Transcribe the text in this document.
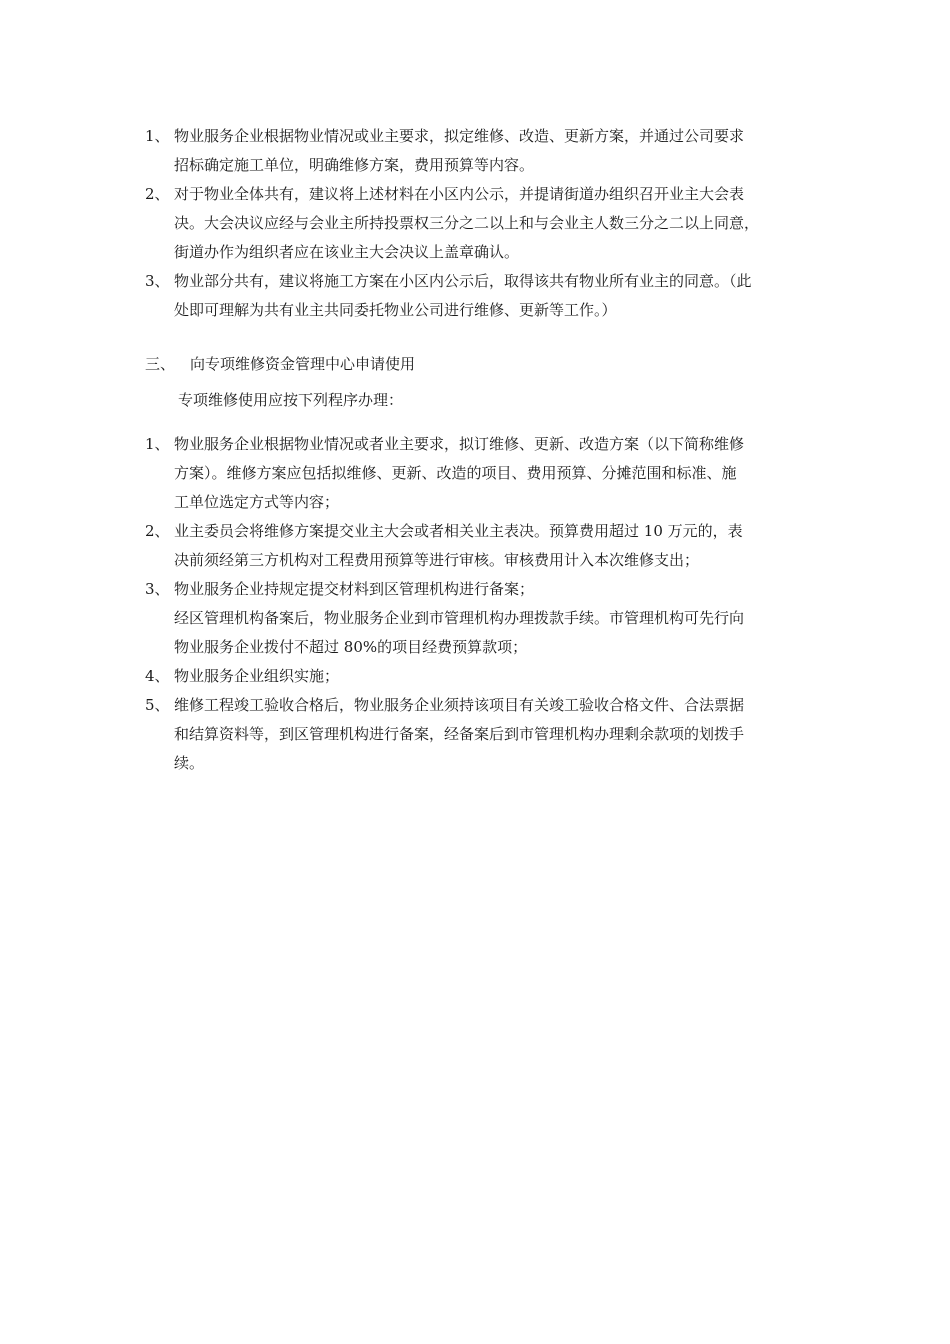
1、 物业服务企业根据物业情况或业主要求，拟定维修、改造、更新方案，并通过公司要求
招标确定施工单位，明确维修方案，费用预算等内容。
2、 对于物业全体共有，建议将上述材料在小区内公示，并提请街道办组织召开业主大会表
决。大会决议应经与会业主所持投票权三分之二以上和与会业主人数三分之二以上同意，
街道办作为组织者应在该业主大会决议上盖章确认。
3、 物业部分共有，建议将施工方案在小区内公示后，取得该共有物业所有业主的同意。（此
处即可理解为共有业主共同委托物业公司进行维修、更新等工作。）
三、 向专项维修资金管理中心申请使用
专项维修使用应按下列程序办理：
1、 物业服务企业根据物业情况或者业主要求，拟订维修、更新、改造方案（以下简称维修
方案）。维修方案应包括拟维修、更新、改造的项目、费用预算、分摊范围和标准、施
工单位选定方式等内容；
2、 业主委员会将维修方案提交业主大会或者相关业主表决。预算费用超过 10 万元的，表
决前须经第三方机构对工程费用预算等进行审核。审核费用计入本次维修支出；
3、 物业服务企业持规定提交材料到区管理机构进行备案；
经区管理机构备案后，物业服务企业到市管理机构办理拨款手续。市管理机构可先行向
物业服务企业拨付不超过 80%的项目经费预算款项；
4、 物业服务企业组织实施；
5、 维修工程竣工验收合格后，物业服务企业须持该项目有关竣工验收合格文件、合法票据
和结算资料等，到区管理机构进行备案，经备案后到市管理机构办理剩余款项的划拨手
续。
